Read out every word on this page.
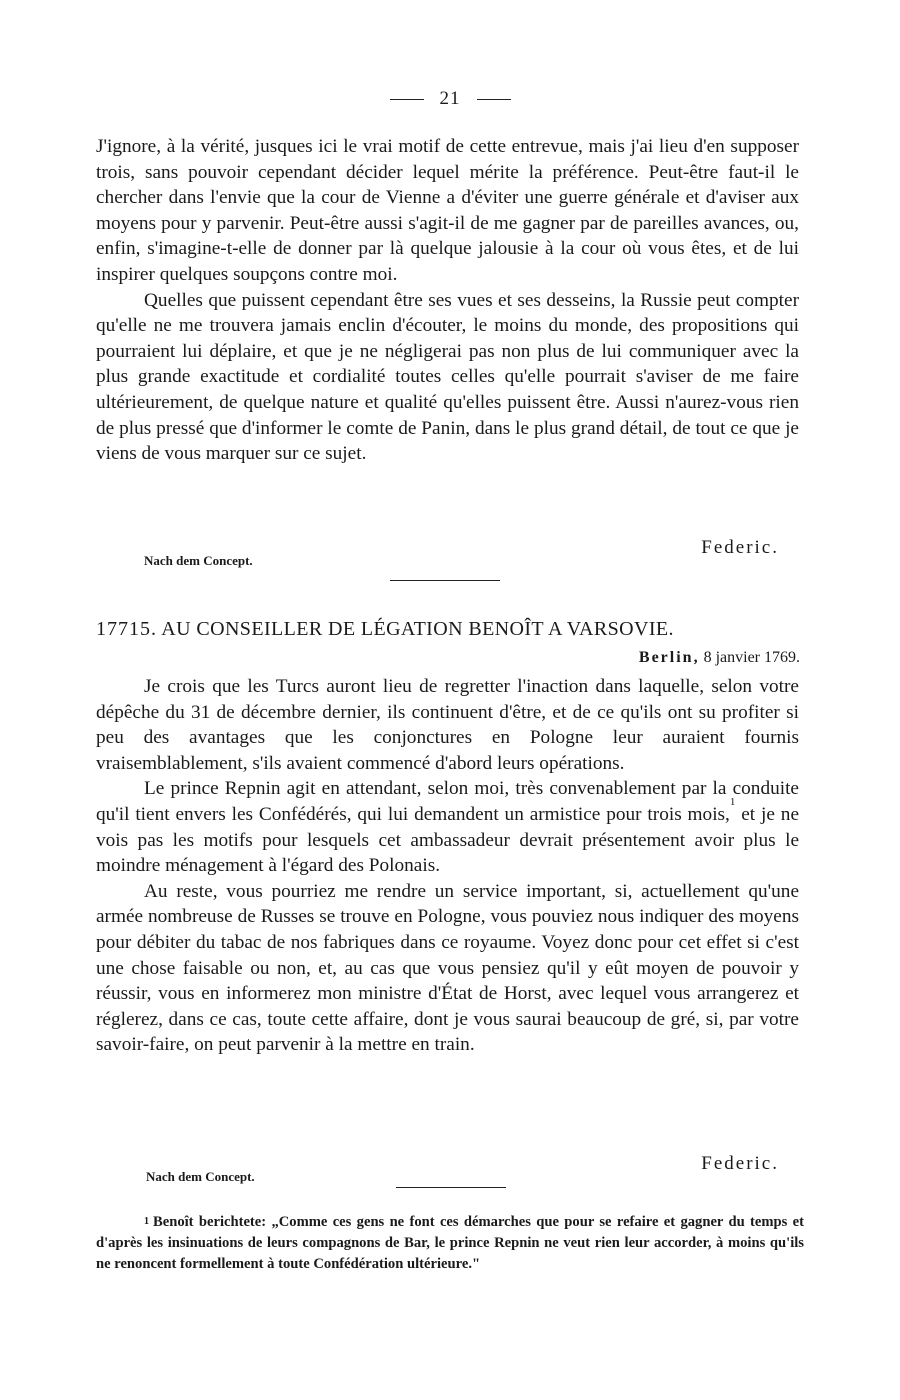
21

J'ignore, à la vérité, jusques ici le vrai motif de cette entrevue, mais j'ai lieu d'en supposer trois, sans pouvoir cependant décider lequel mérite la préférence. Peut-être faut-il le chercher dans l'envie que la cour de Vienne a d'éviter une guerre générale et d'aviser aux moyens pour y parvenir. Peut-être aussi s'agit-il de me gagner par de pareilles avances, ou, enfin, s'imagine-t-elle de donner par là quelque jalousie à la cour où vous êtes, et de lui inspirer quelques soupçons contre moi.

Quelles que puissent cependant être ses vues et ses desseins, la Russie peut compter qu'elle ne me trouvera jamais enclin d'écouter, le moins du monde, des propositions qui pourraient lui déplaire, et que je ne négligerai pas non plus de lui communiquer avec la plus grande exactitude et cordialité toutes celles qu'elle pourrait s'aviser de me faire ultérieurement, de quelque nature et qualité qu'elles puissent être. Aussi n'aurez-vous rien de plus pressé que d'informer le comte de Panin, dans le plus grand détail, de tout ce que je viens de vous marquer sur ce sujet.

Federic.
Nach dem Concept.
17715. AU CONSEILLER DE LÉGATION BENOÎT A VARSOVIE.
Berlin, 8 janvier 1769.

Je crois que les Turcs auront lieu de regretter l'inaction dans laquelle, selon votre dépêche du 31 de décembre dernier, ils continuent d'être, et de ce qu'ils ont su profiter si peu des avantages que les conjonctures en Pologne leur auraient fournis vraisemblablement, s'ils avaient commencé d'abord leurs opérations.

Le prince Repnin agit en attendant, selon moi, très convenablement par la conduite qu'il tient envers les Confédérés, qui lui demandent un armistice pour trois mois,$^1$ et je ne vois pas les motifs pour lesquels cet ambassadeur devrait présentement avoir plus le moindre ménagement à l'égard des Polonais.

Au reste, vous pourriez me rendre un service important, si, actuellement qu'une armée nombreuse de Russes se trouve en Pologne, vous pouviez nous indiquer des moyens pour débiter du tabac de nos fabriques dans ce royaume. Voyez donc pour cet effet si c'est une chose faisable ou non, et, au cas que vous pensiez qu'il y eût moyen de pouvoir y réussir, vous en informerez mon ministre d'État de Horst, avec lequel vous arrangerez et réglerez, dans ce cas, toute cette affaire, dont je vous saurai beaucoup de gré, si, par votre savoir-faire, on peut parvenir à la mettre en train.

Federic.
Nach dem Concept.
$^1$ Benoît berichtete: „Comme ces gens ne font ces démarches que pour se refaire et gagner du temps et d'après les insinuations de leurs compagnons de Bar, le prince Repnin ne veut rien leur accorder, à moins qu'ils ne renoncent formellement à toute Confédération ultérieure."
